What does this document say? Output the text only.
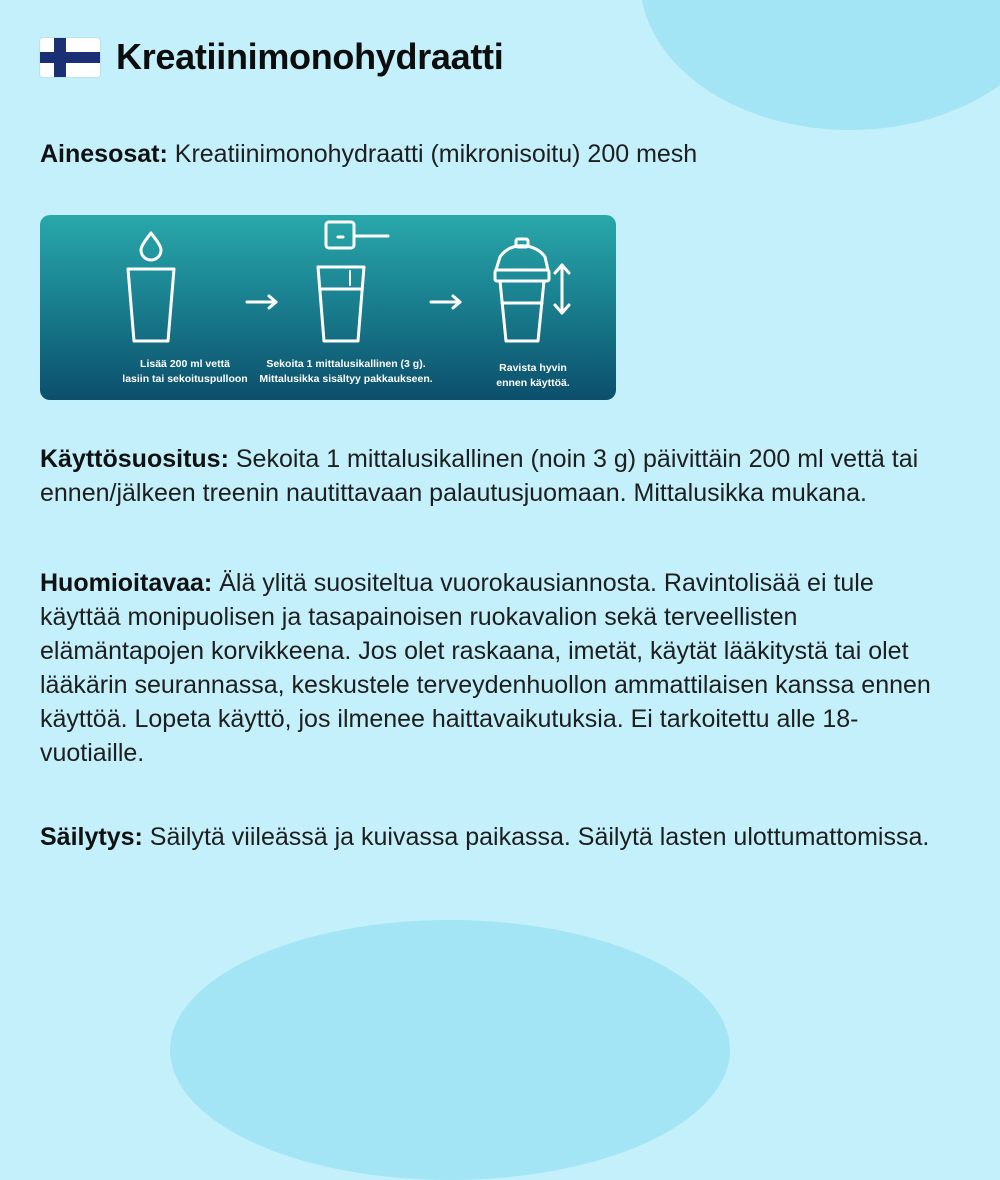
Kreatiinimonohydraatti

Ainesosat: Kreatiinimonohydraatti (mikronisoitu) 200 mesh

Lisää 200 ml vettä
lasiin tai sekoituspulloon

Sekoita 1 mittalusikallinen (3 g).
Mittalusikka sisältyy pakkaukseen.

Ravista hyvin
ennen käyttöä.

Käyttösuositus: Sekoita 1 mittalusikallinen (noin 3 g) päivittäin 200 ml vettä tai ennen/jälkeen treenin nautittavaan palautusjuomaan. Mittalusikka mukana.

Huomioitavaa: Älä ylitä suositeltua vuorokausiannosta. Ravintolisää ei tule käyttää monipuolisen ja tasapainoisen ruokavalion sekä terveellisten elämäntapojen korvikkeena. Jos olet raskaana, imetät, käytät lääkitystä tai olet lääkärin seurannassa, keskustele terveydenhuollon ammattilaisen kanssa ennen käyttöä. Lopeta käyttö, jos ilmenee haittavaikutuksia. Ei tarkoitettu alle 18-vuotiaille.

Säilytys: Säilytä viileässä ja kuivassa paikassa. Säilytä lasten ulottumattomissa.
